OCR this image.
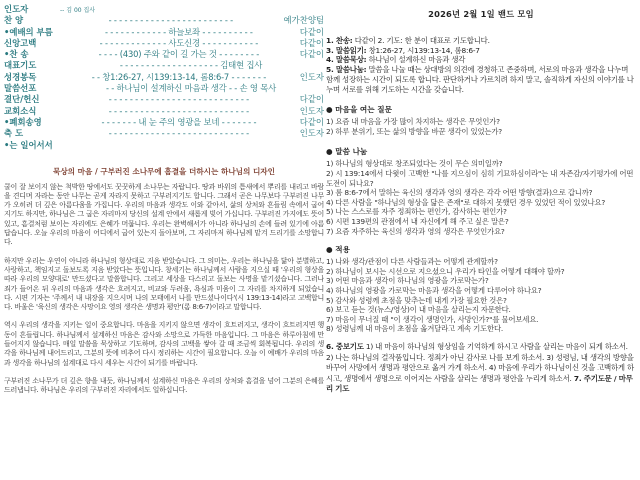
인도자	-- 김 00 집사
찬 양	- - - - - - - - - - - - - - - - - - - - - - - -	예가찬양팀
•예배의 부름	- - - - - - - - - - - - 하늘보좌 - - - - - - - - - -	다같이
신앙고백	- - - - - - - - - - - - - 사도신경 - - - - - - - - - - -	다같이
•찬 송	- - - - (430) 주와 같이 길 가는 것 - - - - - - - -	다같이
대표기도	- - - - - - - - - - - - - - - - - - - 김태현 집사
성경봉독	- - 창1:26-27, 시139:13-14, 롬8:6-7 - - - - - - -	인도자
말씀선포	- - 하나님이 설계하신 마음과 생각 - - 손 영 목사
결단/헌신	- - - - - - - - - - - - - - - - - - - - - - - - - - -	다같이
교회소식	- - - - - - - - - - - - - - - - - - - - - - - - - - -	인도자
•폐회송영	- - - - - - - 내 눈 주의 영광을 보네 - - - - - - -	다같이
축 도	- - - - - - - - - - - - - - - - - - - - - - - - - - -	인도자
•는 일어서서
묵상의 마음 / 구부러진 소나무에 흠결을 더하시는 하나님의 디자인

쿨이 잘 보이지 않는 척박한 땅에서도 꿋꿋하게 소나무는 자랍니다. 땅과 바위의 틈새에서 뿌리를 내리고 바람을 견디며 자라는 동안 나무는 곧게 자라지 못하고 구부러지기도 합니다. 그래서 곧은 나무보다 구부러진 나무가 오히려 더 깊은 아름다움을 가집니다. 우리의 마음과 생각도 이와 같아서, 삶의 상처와 흔들림 속에서 굽어지기도 하지만, 하나님은 그 굽은 자리마저 당신의 설계 안에서 새롭게 빚어 가십니다. 구부러진 가지에도 뜻이 있고, 흠결처럼 보이는 자리에도 은혜가 머뭅니다. 우리는 완벽해서가 아니라 하나님의 손에 들려 있기에 아름답습니다. 오늘 우리의 마음이 어디에서 굽어 있는지 돌아보며, 그 자리마저 하나님께 맡겨 드리기를 소망합니다.

하지만 우리는 우연이 아니라 하나님의 형상대로 지음 받았습니다. 그 의미는, 우리는 하나님을 닮아 분별하고, 사랑하고, 책임지고 돌보도록 지음 받았다는 뜻입니다. 창세기는 하나님께서 사람을 지으실 때 '우리의 형상을 따라 우리의 모양대로' 만드셨다고 말씀합니다. 그리고 세상을 다스리고 돌보는 사명을 맡기셨습니다. 그러나 죄가 들어온 뒤 우리의 마음과 생각은 흐려지고, 비교와 두려움, 욕심과 미움이 그 자리를 차지하게 되었습니다. 시편 기자는 '주께서 내 내장을 지으시며 나의 모태에서 나를 만드셨나이다'(시 139:13-14)라고 고백합니다. 바울은 '육신의 생각은 사망이요 영의 생각은 생명과 평안'(롬 8:6-7)이라고 말합니다.

역시 우리의 생각을 지키는 일이 중요합니다. 마음을 지키지 않으면 생각이 흐트러지고, 생각이 흐트러지면 행동이 흔들립니다. 하나님께서 설계하신 마음은 감사와 소망으로 가득한 마음입니다. 그 마음은 하루아침에 만들어지지 않습니다. 매일 말씀을 묵상하고 기도하며, 감사의 고백을 쌓아 갈 때 조금씩 회복됩니다. 우리의 생각을 하나님께 내어드리고, 그분의 뜻에 비추어 다시 정리하는 시간이 필요합니다. 오늘 이 예배가 우리의 마음과 생각을 하나님의 설계대로 다시 세우는 시간이 되기를 바랍니다.

구부러진 소나무가 더 깊은 향을 내듯, 하나님께서 설계하신 마음은 우리의 상처와 흠결을 넘어 그분의 은혜를 드러냅니다. 하나님은 우리의 구부러진 자리에서도 일하십니다.

2026년 2월 1일 밴드 모임

1. 찬송: 다같이 2. 기도: 한 분이 대표로 기도합니다.

3. 말씀읽기: 창1:26-27, 시139:13-14, 롬8:6-7

4. 말씀묵상: 하나님이 설계하신 마음과 생각

5. 말씀나눔: 말씀을 나눌 때는 상대방의 의견에 경청하고 존중하며, 서로의 마음과 생각을 나누며 함께 성장하는 시간이 되도록 합니다. 판단하거나 가르치려 하지 말고, 솔직하게 자신의 이야기를 나누며 서로를 위해 기도하는 시간을 갖습니다.

● 마음을 여는 질문

1) 요즘 내 마음을 가장 많이 차지하는 생각은 무엇인가?

2) 하루 분위기, 또는 삶의 방향을 바꾼 생각이 있었는가?

● 말씀 나눔

1) 하나님의 형상대로 창조되었다는 것이 무슨 의미일까?

2) 시 139:14에서 다윗이 고백한 "나를 지으심이 심히 기묘하심이라"는 내 자존감/자기평가에 어떤 도전이 되나요?

3) 롬 8:6-7에서 말하는 육신의 생각과 영의 생각은 각각 어떤 방향(결과)으로 갑니까?

4) 다른 사람을 "하나님의 형상을 닮은 존재"로 대하지 못했던 경우 있었던 적이 있었나요?

5) 나는 스스로를 자주 정죄하는 편인가, 감사하는 편인가?

6) 시편 139편의 관점에서 내 자신에게 해 주고 싶은 말은?

7) 요즘 자주하는 육신의 생각과 영의 생각은 무엇인가요?

● 적용

1) 나와 생각/관점이 다른 사람들과는 어떻게 관계할까?

2) 하나님이 보시는 시선으로 지으셨으니 우리가 타인을 어떻게 대해야 할까?

3) 어떤 마음과 생각이 하나님의 영광을 가로막는가?

4) 하나님의 영광을 가로막는 마음과 생각을 어떻게 다루어야 하나요?

5) 감사와 성령께 초점을 맞추는데 내게 가장 필요한 것은?

6) 보고 듣는 것(뉴스/영상)이 내 마음을 살리는지 자문한다.

7) 마음이 무너질 때 "이 생각이 생명인가, 사망인가?"를 물어보세요.

8) 성령님께 내 마음이 초점을 옮겨달라고 계속 기도한다.

6. 중보기도 1) 내 마음이 하나님의 형상임을 기억하게 하시고 사람을 살리는 마음이 되게 하소서. 2) 나는 하나님의 걸작품입니다. 정죄가 아닌 감사로 나를 보게 하소서. 3) 성령님, 내 생각의 방향을 바꾸어 사망에서 생명과 평안으로 옮겨 가게 하소서. 4) 마음에 우리가 하나님이신 것을 고백하게 하시고, 생명에서 생명으로 이어지는 사람을 살리는 생명과 평안을 누리게 하소서. 7. 주기도문 / 마무리 기도
